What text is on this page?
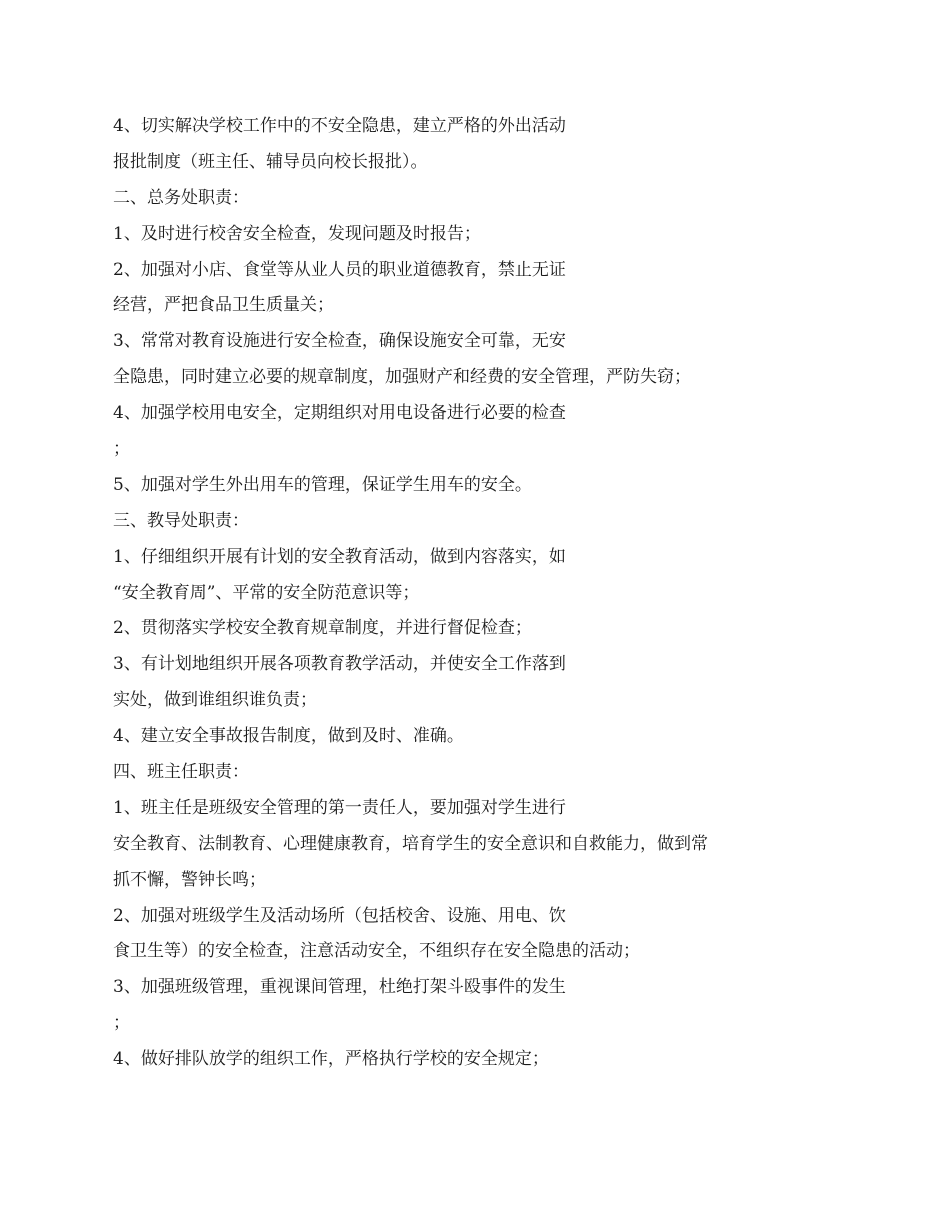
4、切实解决学校工作中的不安全隐患，建立严格的外出活动

报批制度（班主任、辅导员向校长报批）。

二、总务处职责：

1、及时进行校舍安全检查，发现问题及时报告；

2、加强对小店、食堂等从业人员的职业道德教育，禁止无证

经营，严把食品卫生质量关；

3、常常对教育设施进行安全检查，确保设施安全可靠，无安

全隐患，同时建立必要的规章制度，加强财产和经费的安全管理，严防失窃；

4、加强学校用电安全，定期组织对用电设备进行必要的检查

；

5、加强对学生外出用车的管理，保证学生用车的安全。

三、教导处职责：

1、仔细组织开展有计划的安全教育活动，做到内容落实，如

“安全教育周”、平常的安全防范意识等；

2、贯彻落实学校安全教育规章制度，并进行督促检查；

3、有计划地组织开展各项教育教学活动，并使安全工作落到

实处，做到谁组织谁负责；

4、建立安全事故报告制度，做到及时、准确。

四、班主任职责：

1、班主任是班级安全管理的第一责任人，要加强对学生进行

安全教育、法制教育、心理健康教育，培育学生的安全意识和自救能力，做到常

抓不懈，警钟长鸣；

2、加强对班级学生及活动场所（包括校舍、设施、用电、饮

食卫生等）的安全检查，注意活动安全，不组织存在安全隐患的活动；

3、加强班级管理，重视课间管理，杜绝打架斗殴事件的发生

；

4、做好排队放学的组织工作，严格执行学校的安全规定；
